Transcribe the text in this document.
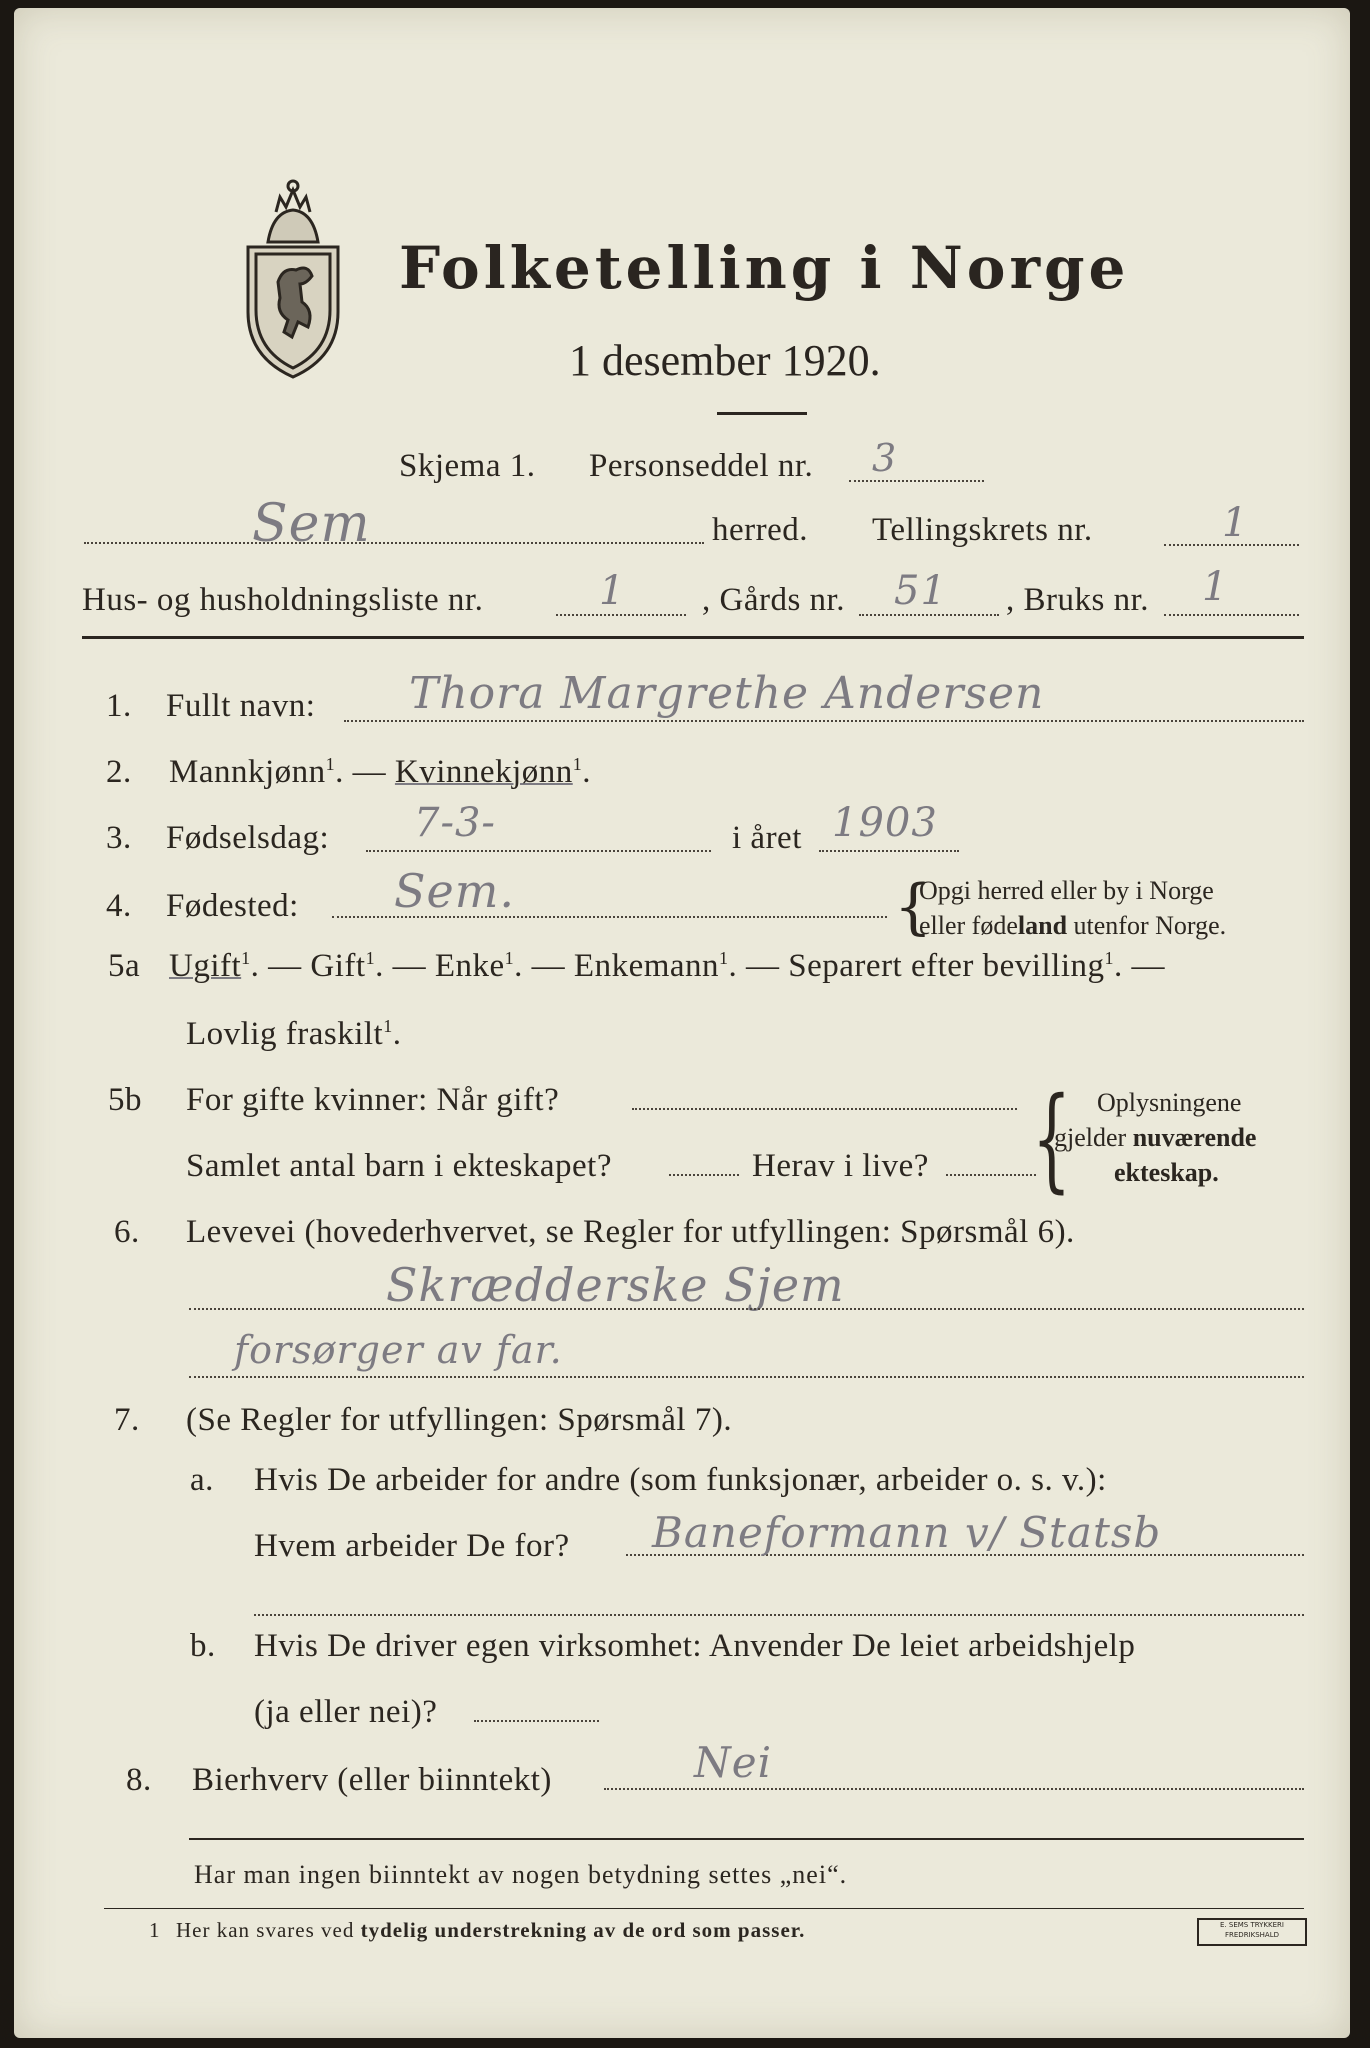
Folketelling i Norge
1 desember 1920.
Skjema 1. Personseddel nr. 3
Sem	herred. Tellingskrets nr.	1
Hus- og husholdningsliste nr.	1 , Gårds nr. 51 , Bruks nr. 1
1. Fullt navn: Thora Margrethe Andersen
2. Mannkjønn$^1$. — Kvinnekjønn$^1$.
3. Fødselsdag: 7-3-	i året 1903
4. Fødested: Sem.	{
Opgi herred eller by i Norge
eller fødeland utenfor Norge.
5a Ugift$^1$. — Gift$^1$. — Enke$^1$. — Enkemann$^1$. — Separert efter bevilling$^1$. —
Lovlig fraskilt$^1$.
5b For gifte kvinner: Når gift?
Samlet antal barn i ekteskapet?	Herav i live? { Oplysningene
gjelder nuværende
ekteskap.
6. Levevei (hovederhvervet, se Regler for utfyllingen: Spørsmål 6).
Skrædderske Sjem
forsørger av far.
7. (Se Regler for utfyllingen: Spørsmål 7).
a. Hvis De arbeider for andre (som funksjonær, arbeider o. s. v.):
Hvem arbeider De for? Baneformann v/ Statsb
b. Hvis De driver egen virksomhet: Anvender De leiet arbeidshjelp
(ja eller nei)?
8. Bierhverv (eller biinntekt)	Nei
Har man ingen biinntekt av nogen betydning settes „nei“.
1 Her kan svares ved tydelig understrekning av de ord som passer.	E. SEMS TRYKKERI
FREDRIKSHALD
